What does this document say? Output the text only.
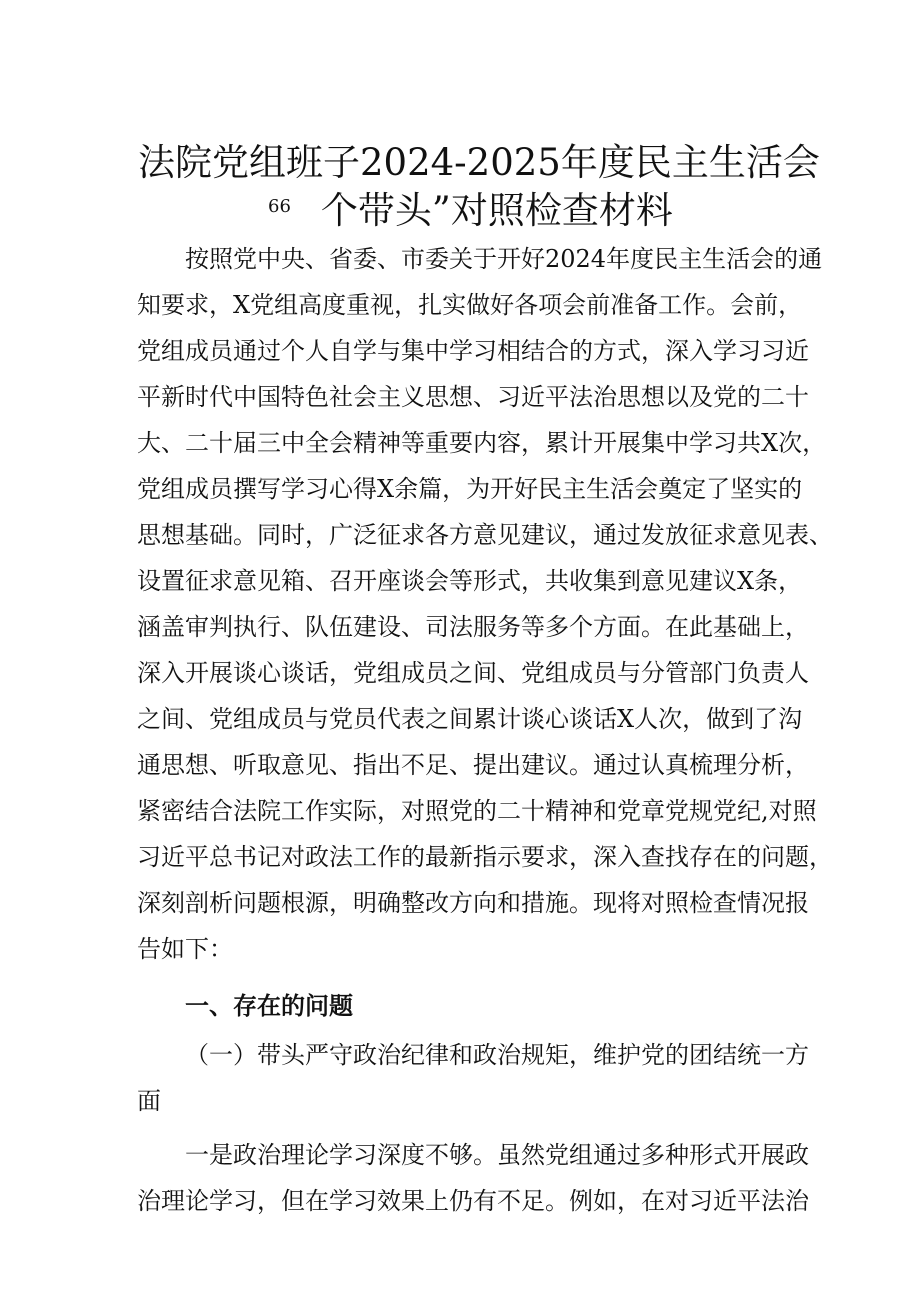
法院党组班子2024-2025年度民主生活会
$^{66}$ 个带头”对照检查材料
按照党中央、省委、市委关于开好2024年度民主生活会的通
知要求，X党组高度重视，扎实做好各项会前准备工作。会前，
党组成员通过个人自学与集中学习相结合的方式，深入学习习近
平新时代中国特色社会主义思想、习近平法治思想以及党的二十
大、二十届三中全会精神等重要内容，累计开展集中学习共X次，
党组成员撰写学习心得X余篇，为开好民主生活会奠定了坚实的
思想基础。同时，广泛征求各方意见建议，通过发放征求意见表、
设置征求意见箱、召开座谈会等形式，共收集到意见建议X条，
涵盖审判执行、队伍建设、司法服务等多个方面。在此基础上，
深入开展谈心谈话，党组成员之间、党组成员与分管部门负责人
之间、党组成员与党员代表之间累计谈心谈话X人次，做到了沟
通思想、听取意见、指出不足、提出建议。通过认真梳理分析，
紧密结合法院工作实际，对照党的二十精神和党章党规党纪,对照
习近平总书记对政法工作的最新指示要求，深入查找存在的问题，
深刻剖析问题根源，明确整改方向和措施。现将对照检查情况报
告如下：
一、存在的问题
（一）带头严守政治纪律和政治规矩，维护党的团结统一方
面
一是政治理论学习深度不够。虽然党组通过多种形式开展政
治理论学习，但在学习效果上仍有不足。例如，在对习近平法治
